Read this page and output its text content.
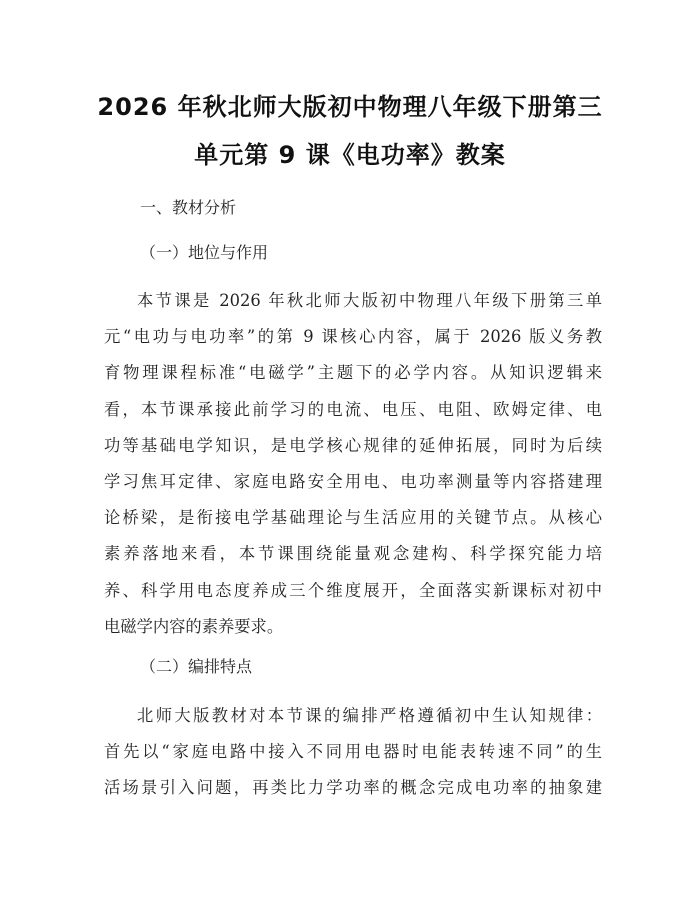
2026 年秋北师大版初中物理八年级下册第三
单元第 9 课《电功率》教案
一、教材分析
（一）地位与作用
本节课是 2026 年秋北师大版初中物理八年级下册第三单
元“电功与电功率”的第 9 课核心内容，属于 2026 版义务教
育物理课程标准“电磁学”主题下的必学内容。从知识逻辑来
看，本节课承接此前学习的电流、电压、电阻、欧姆定律、电
功等基础电学知识，是电学核心规律的延伸拓展，同时为后续
学习焦耳定律、家庭电路安全用电、电功率测量等内容搭建理
论桥梁，是衔接电学基础理论与生活应用的关键节点。从核心
素养落地来看，本节课围绕能量观念建构、科学探究能力培
养、科学用电态度养成三个维度展开，全面落实新课标对初中
电磁学内容的素养要求。
（二）编排特点
北师大版教材对本节课的编排严格遵循初中生认知规律：
首先以“家庭电路中接入不同用电器时电能表转速不同”的生
活场景引入问题，再类比力学功率的概念完成电功率的抽象建
